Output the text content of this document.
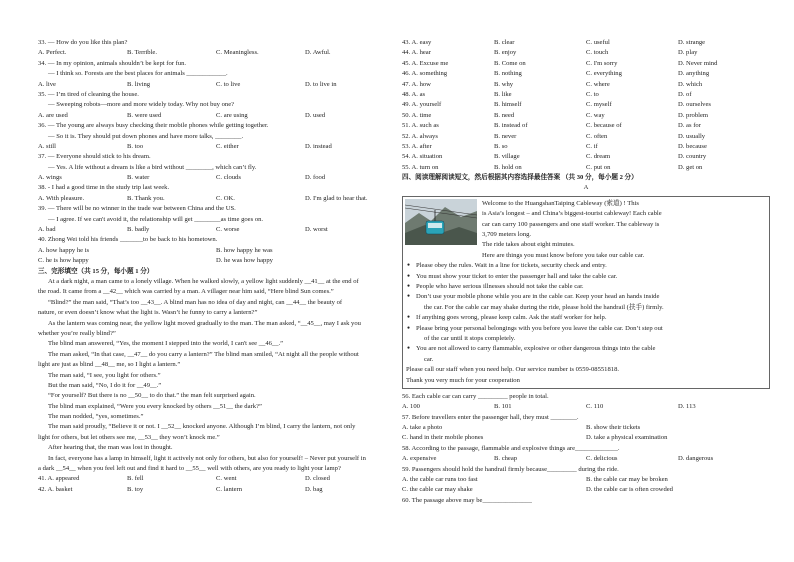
33. — How do you like this plan?
A. Perfect.	B. Terrible.	C. Meaningless.	D. Awful.
34. — In my opinion, animals shouldn’t be kept for fun.
— I think so. Forests are the best places for animals ____________.
A. live	B. living	C. to live	D. to live in
35. — I’m tired of cleaning the house.
— Sweeping robots—more and more widely today. Why not buy one?
A. are used	B. were used	C. are using	D. used
36. — The young are always busy checking their mobile phones while getting together.
— So it is. They should put down phones and have more talks, ________.
A. still	B. too	C. either	D. instead
37. — Everyone should stick to his dream.
— Yes. A life without a dream is like a bird without ________, which can’t fly.
A. wings	B. water	C. clouds	D. food
38. - I had a good time in the study trip last week.
A. With pleasure.	B. Thank you.	C. OK.	D. I'm glad to hear that.
39. — There will be no winner in the trade war between China and the US.
— I agree. If we can't avoid it, the relationship will get ________as time goes on.
A. bad	B. badly	C. worse	D. worst
40. Zhong Wei told his friends _______to be back to his hometown.
A. how happy he is	B. how happy he was
C. he is how happy	D. he was how happy
三、完形填空（共 15 分，每小题 1 分）
At a dark night, a man came to a lonely village. When he walked slowly, a yellow light suddenly __41__ at the end of
the road. It came from a __42__ which was carried by a man. A villager near him said, “Here blind Sun comes.”
“Blind?” the man said, “That’s too __43__. A blind man has no idea of day and night, can __44__ the beauty of
nature, or even doesn’t know what the light is. Wasn’t he funny to carry a lantern?”
As the lantern was coming near, the yellow light moved gradually to the man. The man asked, “__45__, may I ask you
whether you’re really blind?”
The blind man answered, “Yes, the moment I stepped into the world, I can't see __46__.”
The man asked, “In that case, __47__ do you carry a lantern?” The blind man smiled, “At night all the people without
light are just as blind __48__ me, so I light a lantern.”
The man said, “I see, you light for others.”
But the man said, “No, I do it for __49__.”
“For yourself? But there is no __50__ to do that.” the man felt surprised again.
The blind man explained, “Were you every knocked by others __51__ the dark?”
The man nodded, “yes, sometimes.”
The man said proudly, “Believe it or not. I __52__ knocked anyone. Although I’m blind, I carry the lantern, not only
light for others, but let others see me, __53__ they won’t knock me.”
After hearing that, the man was lost in thought.
In fact, everyone has a lamp in himself, light it actively not only for others, but also for yourself! – Never put yourself in
a dark __54__ when you feel left out and find it hard to __55__ well with others, are you ready to light your lamp?
41. A. appeared	B. fell	C. went	D. closed
42. A. basket	B. toy	C. lantern	D. bag
43. A. easy	B. clear	C. useful	D. strange
44. A. hear	B. enjoy	C. touch	D. play
45. A. Excuse me	B. Come on	C. I'm sorry	D. Never mind
46. A. something	B. nothing	C. everything	D. anything
47. A. how	B. why	C. where	D. which
48. A. as	B. like	C. to	D. of
49. A. yourself	B. himself	C. myself	D. ourselves
50. A. time	B. need	C. way	D. problem
51. A. such as	B. instead of	C. because of	D. as for
52. A. always	B. never	C. often	D. usually
53. A. after	B. so	C. if	D. because
54. A. situation	B. village	C. dream	D. country
55. A. turn on	B. hold on	C. put on	D. get on
四、阅读理解阅读短文，然后根据其内容选择最佳答案 （共 30 分，每小题 2 分）
A
Welcome to the HuangshanTaiping Cableway (索道) ! This
is Asia’s longest – and China’s biggest-tourist cableway! Each cable
car can carry 100 passengers and one staff worker. The cableway is
3,709 meters long.
The ride takes about eight minutes.
Here are things you must know before you take our cable car.
● Please obey the rules. Wait in a line for tickets, security check and entry.
● You must show your ticket to enter the passenger hall and take the cable car.
● People who have serious illnesses should not take the cable car.
● Don’t use your mobile phone while you are in the cable car. Keep your head an hands inside
the car. For the cable car may shake during the ride, please hold the handrail (扶手) firmly.
● If anything goes wrong, please keep calm. Ask the staff worker for help.
● Please bring your personal belongings with you before you leave the cable car. Don’t step out
of the car until it stops completely.
● You are not allowed to carry flammable, explosive or other dangerous things into the cable
car.
Please call our staff when you need help. Our service number is 0559-08551818.
Thank you very much for your cooperation
56. Each cable car can carry _________ people in total.
A. 100	B. 101	C. 110	D. 113
57. Before travellers enter the passenger hall, they must ________.
A. take a photo	B. show their tickets
C. hand in their mobile phones	D. take a physical examination
58. According to the passage, flammable and explosive things are_____________.
A. expensive	B. cheap	C. delicious	D. dangerous
59. Passengers should hold the handrail firmly because_________ during the ride.
A. the cable car runs too fast	B. the cable car may be broken
C. the cable car may shake	D. the cable car is often crowded
60. The passage above may be_______________
